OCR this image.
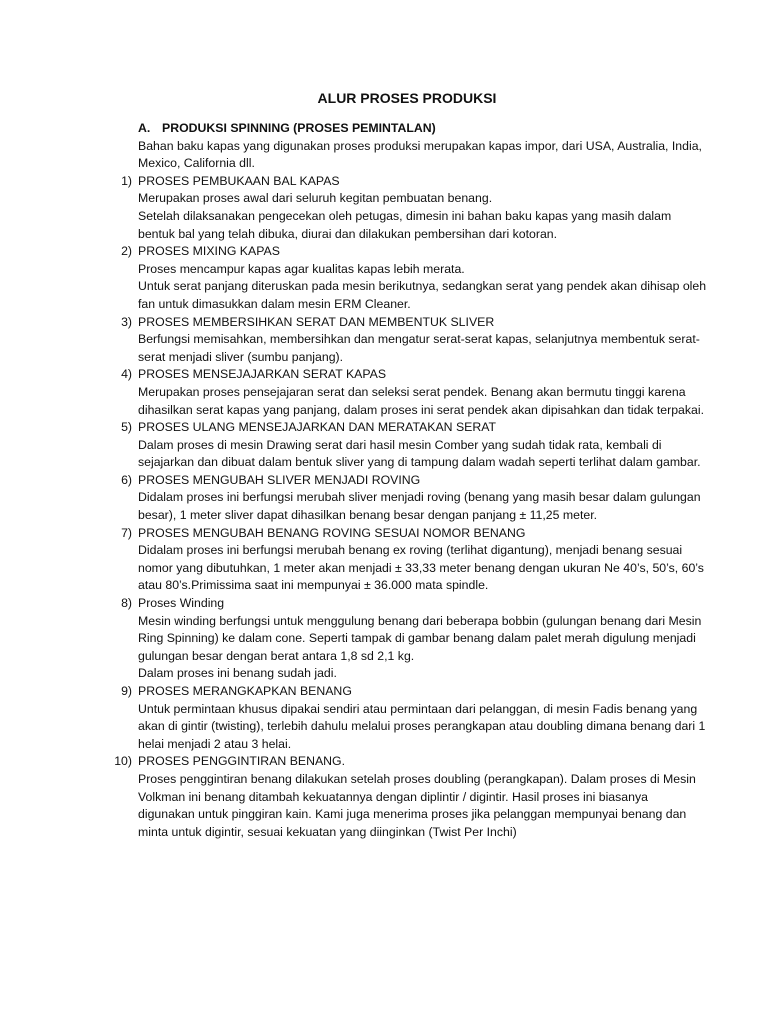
ALUR PROSES PRODUKSI
A. PRODUKSI SPINNING (PROSES PEMINTALAN)

Bahan baku kapas yang digunakan proses produksi merupakan kapas impor, dari USA, Australia, India, Mexico, California dll.

1) PROSES PEMBUKAAN BAL KAPAS

Merupakan proses awal dari seluruh kegitan pembuatan benang.

Setelah dilaksanakan pengecekan oleh petugas, dimesin ini bahan baku kapas yang masih dalam bentuk bal yang telah dibuka, diurai dan dilakukan pembersihan dari kotoran.

2) PROSES MIXING KAPAS

Proses mencampur kapas agar kualitas kapas lebih merata.

Untuk serat panjang diteruskan pada mesin berikutnya, sedangkan serat yang pendek akan dihisap oleh fan untuk dimasukkan dalam mesin ERM Cleaner.

3) PROSES MEMBERSIHKAN SERAT DAN MEMBENTUK SLIVER

Berfungsi memisahkan, membersihkan dan mengatur serat-serat kapas, selanjutnya membentuk serat-serat menjadi sliver (sumbu panjang).

4) PROSES MENSEJAJARKAN SERAT KAPAS

Merupakan proses pensejajaran serat dan seleksi serat pendek. Benang akan bermutu tinggi karena dihasilkan serat kapas yang panjang, dalam proses ini serat pendek akan dipisahkan dan tidak terpakai.

5) PROSES ULANG MENSEJAJARKAN DAN MERATAKAN SERAT

Dalam proses di mesin Drawing serat dari hasil mesin Comber yang sudah tidak rata, kembali di sejajarkan dan dibuat dalam bentuk sliver yang di tampung dalam wadah seperti terlihat dalam gambar.

6) PROSES MENGUBAH SLIVER MENJADI ROVING

Didalam proses ini berfungsi merubah sliver menjadi roving (benang yang masih besar dalam gulungan besar), 1 meter sliver dapat dihasilkan benang besar dengan panjang ± 11,25 meter.

7) PROSES MENGUBAH BENANG ROVING SESUAI NOMOR BENANG

Didalam proses ini berfungsi merubah benang ex roving (terlihat digantung), menjadi benang sesuai nomor yang dibutuhkan, 1 meter akan menjadi ± 33,33 meter benang dengan ukuran Ne 40’s, 50’s, 60’s atau 80’s.Primissima saat ini mempunyai ± 36.000 mata spindle.

8) Proses Winding

Mesin winding berfungsi untuk menggulung benang dari beberapa bobbin (gulungan benang dari Mesin Ring Spinning) ke dalam cone. Seperti tampak di gambar benang dalam palet merah digulung menjadi gulungan besar dengan berat antara 1,8 sd 2,1 kg.

Dalam proses ini benang sudah jadi.

9) PROSES MERANGKAPKAN BENANG

Untuk permintaan khusus dipakai sendiri atau permintaan dari pelanggan, di mesin Fadis benang yang akan di gintir (twisting), terlebih dahulu melalui proses perangkapan atau doubling dimana benang dari 1 helai menjadi 2 atau 3 helai.

10) PROSES PENGGINTIRAN BENANG.

Proses penggintiran benang dilakukan setelah proses doubling (perangkapan). Dalam proses di Mesin Volkman ini benang ditambah kekuatannya dengan diplintir / digintir. Hasil proses ini biasanya digunakan untuk pinggiran kain. Kami juga menerima proses jika pelanggan mempunyai benang dan minta untuk digintir, sesuai kekuatan yang diinginkan (Twist Per Inchi)
